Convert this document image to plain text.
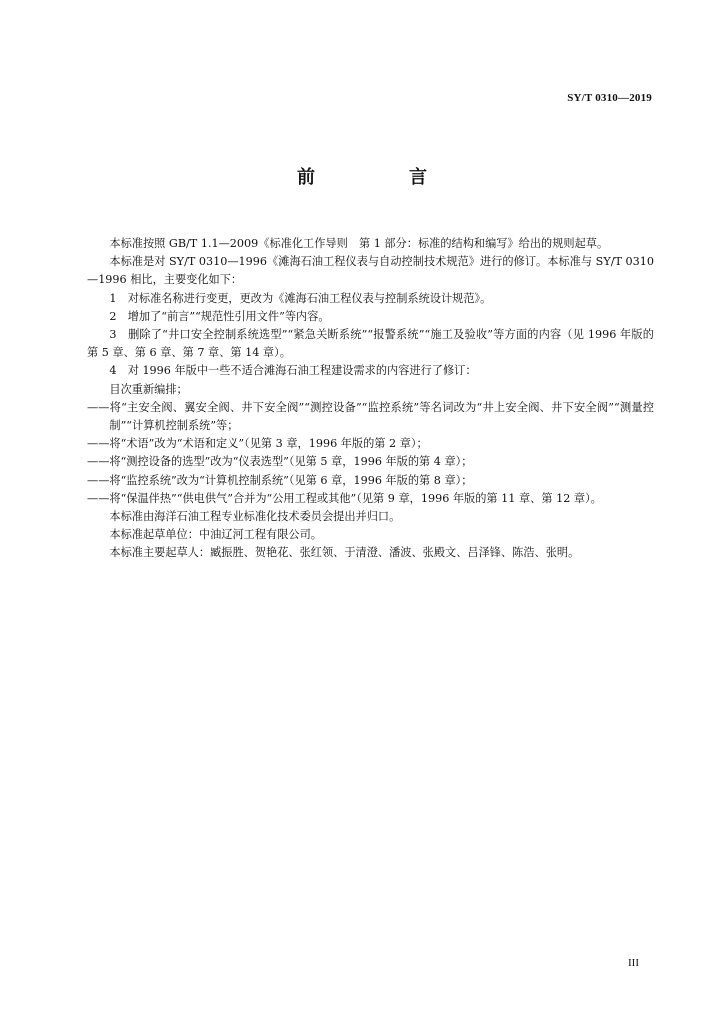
SY/T 0310—2019
前　言

本标准按照 GB/T 1.1—2009《标准化工作导则　第 1 部分：标准的结构和编写》给出的规则起草。

本标准是对 SY/T 0310—1996《滩海石油工程仪表与自动控制技术规范》进行的修订。本标准与 SY/T 0310—1996 相比，主要变化如下：

1　对标准名称进行变更，更改为《滩海石油工程仪表与控制系统设计规范》。

2　增加了“前言”“规范性引用文件”等内容。

3　删除了“井口安全控制系统选型”“紧急关断系统”“报警系统”“施工及验收”等方面的内容（见 1996 年版的第 5 章、第 6 章、第 7 章、第 14 章）。

4　对 1996 年版中一些不适合滩海石油工程建设需求的内容进行了修订：

目次重新编排；

——将“主安全阀、翼安全阀、井下安全阀”“测控设备”“监控系统”等名词改为“井上安全阀、井下安全阀”“测量控制”“计算机控制系统”等；

——将“术语”改为“术语和定义”（见第 3 章，1996 年版的第 2 章）；

——将“测控设备的选型”改为“仪表选型”（见第 5 章，1996 年版的第 4 章）；

——将“监控系统”改为“计算机控制系统”（见第 6 章，1996 年版的第 8 章）；

——将“保温伴热”“供电供气”合并为“公用工程或其他”（见第 9 章，1996 年版的第 11 章、第 12 章）。

本标准由海洋石油工程专业标准化技术委员会提出并归口。

本标准起草单位：中油辽河工程有限公司。

本标准主要起草人：臧振胜、贺艳花、张红领、于清澄、潘波、张殿文、吕泽锋、陈浩、张明。

III
